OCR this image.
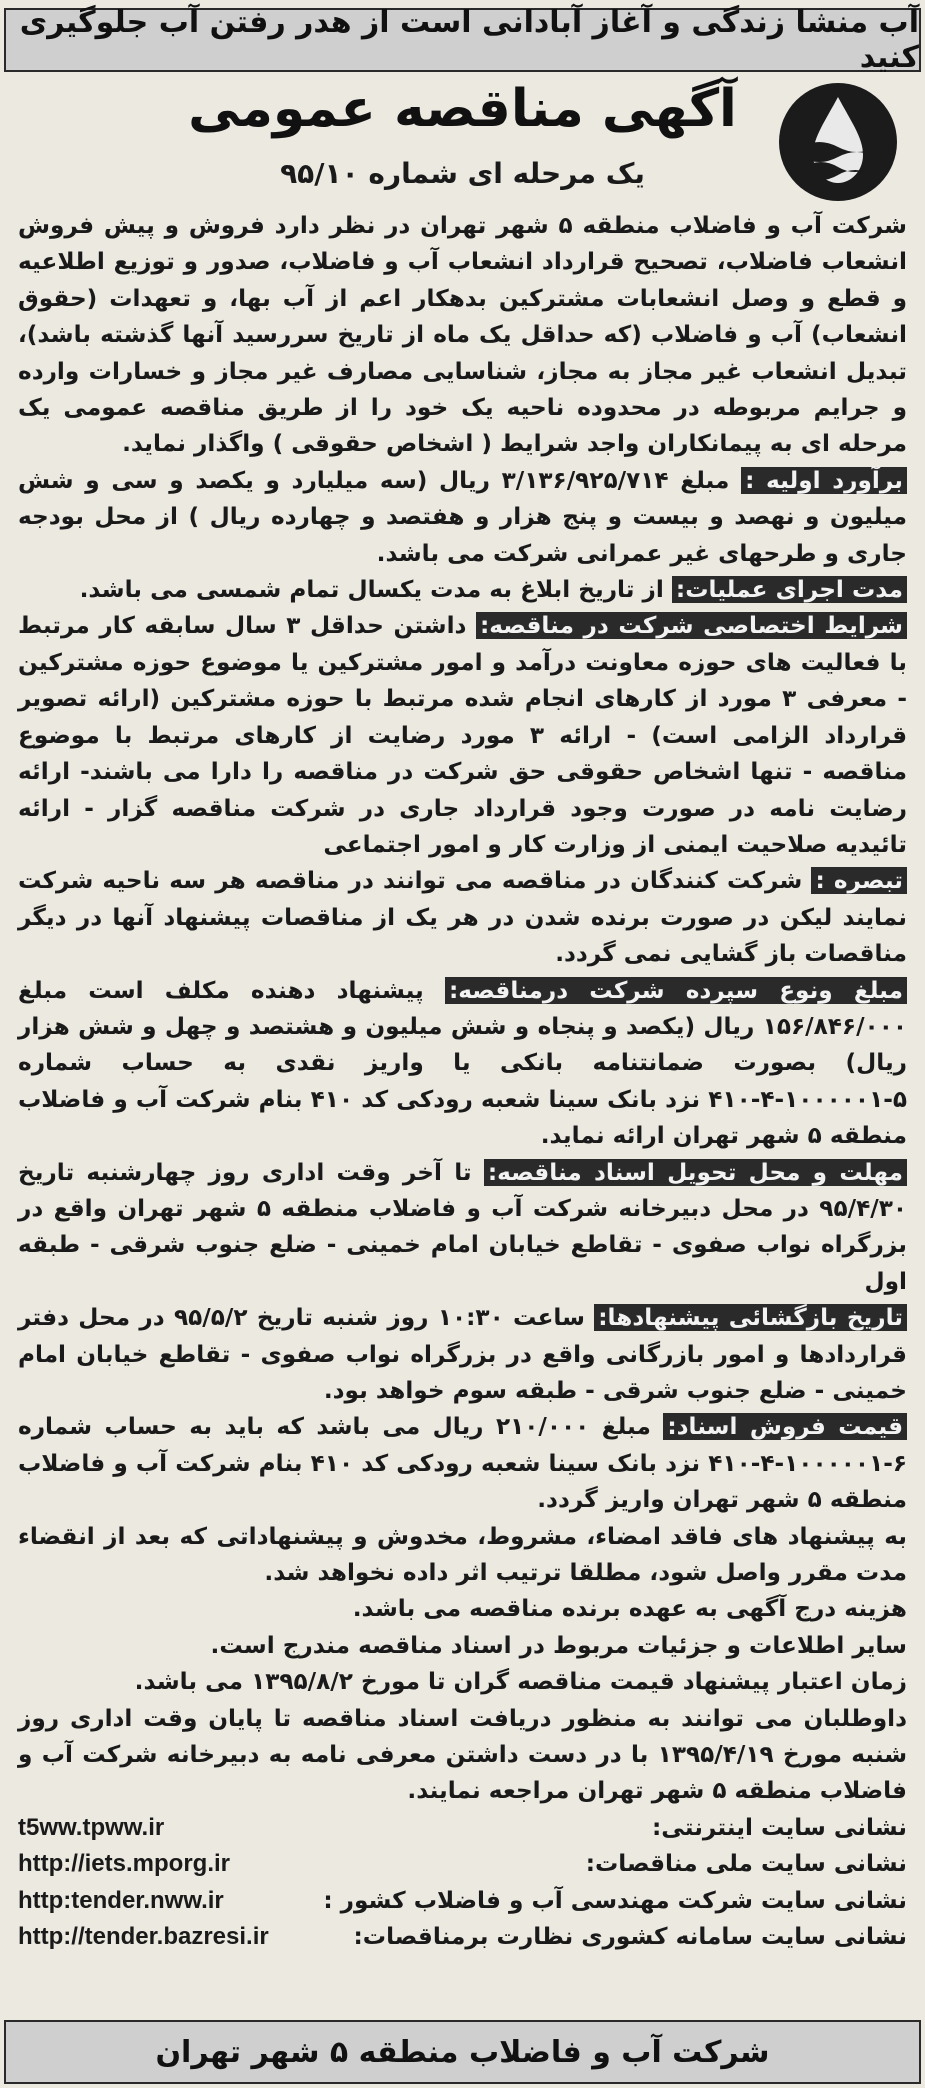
آب منشا زندگی و آغاز آبادانی است از هدر رفتن آب جلوگیری کنید
آگهی مناقصه عمومی
یک مرحله ای شماره ۹۵/۱۰

شرکت آب و فاضلاب منطقه ۵ شهر تهران در نظر دارد فروش و پیش فروش انشعاب فاضلاب، تصحیح قرارداد انشعاب آب و فاضلاب، صدور و توزیع اطلاعیه و قطع و وصل انشعابات مشترکین بدهکار اعم از آب بها، و تعهدات (حقوق انشعاب) آب و فاضلاب (که حداقل یک ماه از تاریخ سررسید آنها گذشته باشد)، تبدیل انشعاب غیر مجاز به مجاز، شناسایی مصارف غیر مجاز و خسارات وارده و جرایم مربوطه در محدوده ناحیه یک خود را از طریق مناقصه عمومی یک مرحله ای به پیمانکاران واجد شرایط ( اشخاص حقوقی ) واگذار نماید.

برآورد اولیه : مبلغ ۳/۱۳۶/۹۲۵/۷۱۴ ریال (سه میلیارد و یکصد و سی و شش میلیون و نهصد و بیست و پنج هزار و هفتصد و چهارده ریال ) از محل بودجه جاری و طرحهای غیر عمرانی شرکت می باشد.

مدت اجرای عملیات: از تاریخ ابلاغ به مدت یکسال تمام شمسی می باشد.

شرایط اختصاصی شرکت در مناقصه: داشتن حداقل ۳ سال سابقه کار مرتبط با فعالیت های حوزه معاونت درآمد و امور مشترکین یا موضوع حوزه مشترکین - معرفی ۳ مورد از کارهای انجام شده مرتبط با حوزه مشترکین (ارائه تصویر قرارداد الزامی است) - ارائه ۳ مورد رضایت از کارهای مرتبط با موضوع مناقصه - تنها اشخاص حقوقی حق شرکت در مناقصه را دارا می باشند- ارائه رضایت نامه در صورت وجود قرارداد جاری در شرکت مناقصه گزار - ارائه تائیدیه صلاحیت ایمنی از وزارت کار و امور اجتماعی

تبصره : شرکت کنندگان در مناقصه می توانند در مناقصه هر سه ناحیه شرکت نمایند لیکن در صورت برنده شدن در هر یک از مناقصات پیشنهاد آنها در دیگر مناقصات باز گشایی نمی گردد.

مبلغ ونوع سپرده شرکت درمناقصه: پیشنهاد دهنده مکلف است مبلغ ۱۵۶/۸۴۶/۰۰۰ ریال (یکصد و پنجاه و شش میلیون و هشتصد و چهل و شش هزار ریال) بصورت ضمانتنامه بانکی یا واریز نقدی به حساب شماره ۵-۱۰۰۰۰۰۱-۴-۴۱۰ نزد بانک سینا شعبه رودکی کد ۴۱۰ بنام شرکت آب و فاضلاب منطقه ۵ شهر تهران ارائه نماید.

مهلت و محل تحویل اسناد مناقصه: تا آخر وقت اداری روز چهارشنبه تاریخ ۹۵/۴/۳۰ در محل دبیرخانه شرکت آب و فاضلاب منطقه ۵ شهر تهران واقع در بزرگراه نواب صفوی - تقاطع خیابان امام خمینی - ضلع جنوب شرقی - طبقه اول

تاریخ بازگشائی پیشنهادها: ساعت ۱۰:۳۰ روز شنبه تاریخ ۹۵/۵/۲ در محل دفتر قراردادها و امور بازرگانی واقع در بزرگراه نواب صفوی - تقاطع خیابان امام خمینی - ضلع جنوب شرقی - طبقه سوم خواهد بود.

قیمت فروش اسناد: مبلغ ۲۱۰/۰۰۰ ریال می باشد که باید به حساب شماره ۶-۱۰۰۰۰۰۱-۴-۴۱۰ نزد بانک سینا شعبه رودکی کد ۴۱۰ بنام شرکت آب و فاضلاب منطقه ۵ شهر تهران واریز گردد.

به پیشنهاد های فاقد امضاء، مشروط، مخدوش و پیشنهاداتی که بعد از انقضاء مدت مقرر واصل شود، مطلقا ترتیب اثر داده نخواهد شد.

هزینه درج آگهی به عهده برنده مناقصه می باشد.

سایر اطلاعات و جزئیات مربوط در اسناد مناقصه مندرج است.

زمان اعتبار پیشنهاد قیمت مناقصه گران تا مورخ ۱۳۹۵/۸/۲ می باشد.

داوطلبان می توانند به منظور دریافت اسناد مناقصه تا پایان وقت اداری روز شنبه مورخ ۱۳۹۵/۴/۱۹ با در دست داشتن معرفی نامه به دبیرخانه شرکت آب و فاضلاب منطقه ۵ شهر تهران مراجعه نمایند.

نشانی سایت اینترنتی:
t5ww.tpww.ir
نشانی سایت ملی مناقصات:
http://iets.mporg.ir
نشانی سایت شرکت مهندسی آب و فاضلاب کشور :
http:tender.nww.ir
نشانی سایت سامانه کشوری نظارت برمناقصات:
http://tender.bazresi.ir
شرکت آب و فاضلاب منطقه ۵ شهر تهران
